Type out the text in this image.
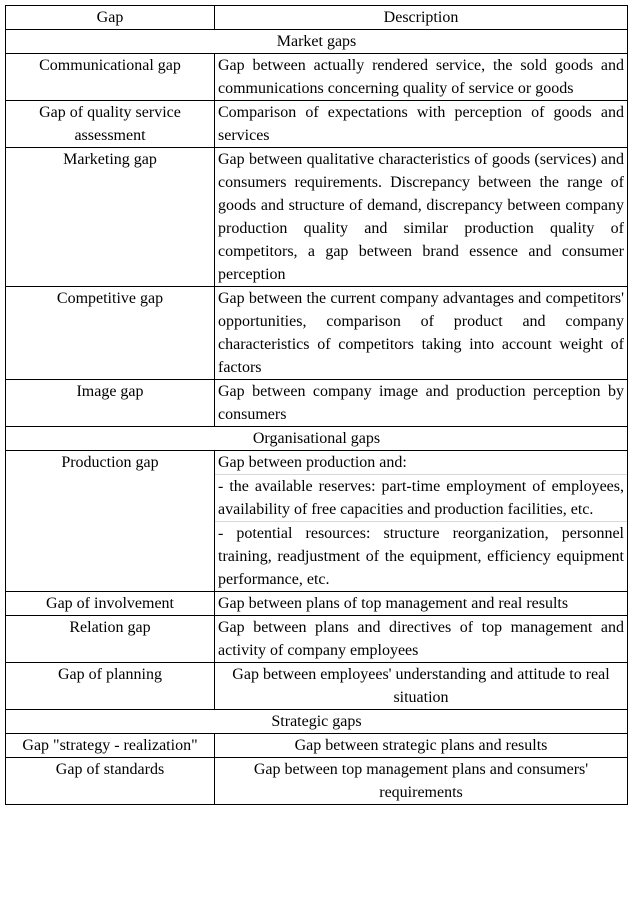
Gap	Description
Market gaps	
Communicational gap	Gap between actually rendered service, the sold goods and communications concerning quality of service or goods
Gap of quality service assessment	Comparison of expectations with perception of goods and services
Marketing gap	Gap between qualitative characteristics of goods (services) and consumers requirements. Discrepancy between the range of goods and structure of demand, discrepancy between company production quality and similar production quality of competitors, a gap between brand essence and consumer perception
Competitive gap	Gap between the current company advantages and competitors' opportunities, comparison of product and company characteristics of competitors taking into account weight of factors
Image gap	Gap between company image and production perception by consumers
Organisational gaps	
Production gap	Gap between production and:
- the available reserves: part-time employment of employees, availability of free capacities and production facilities, etc.
- potential resources: structure reorganization, personnel training, readjustment of the equipment, efficiency equipment performance, etc.

Gap of involvement	Gap between plans of top management and real results
Relation gap	Gap between plans and directives of top management and activity of company employees
Gap of planning	Gap between employees' understanding and attitude to real situation
Strategic gaps	
Gap "strategy - realization"	Gap between strategic plans and results
Gap of standards	Gap between top management plans and consumers' requirements
